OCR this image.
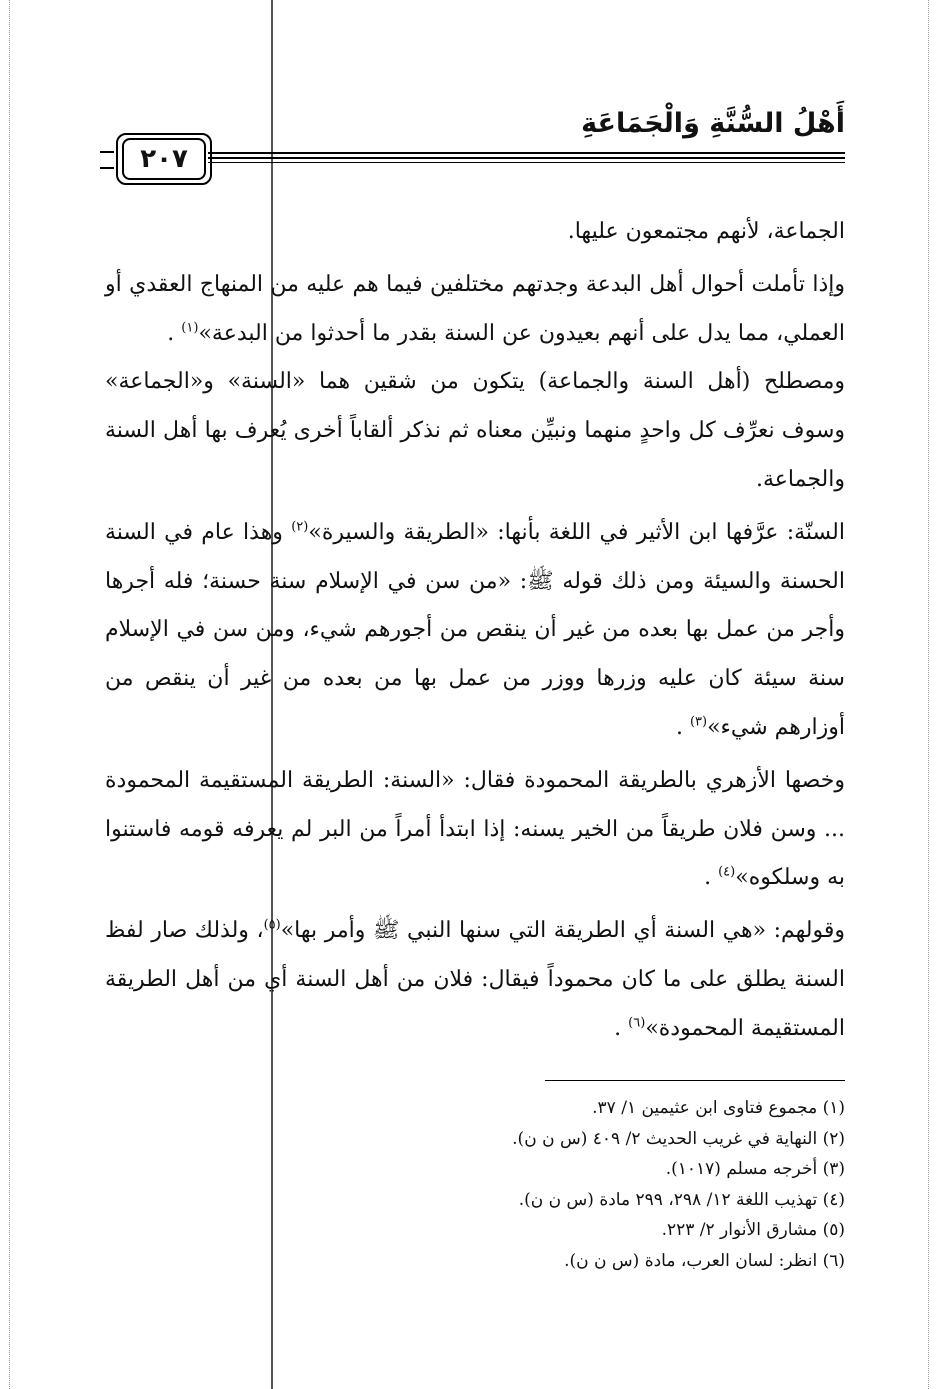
أَهْلُ السُّنَّةِ وَالْجَمَاعَةِ
٢٠٧

الجماعة، لأنهم مجتمعون عليها.

وإذا تأملت أحوال أهل البدعة وجدتهم مختلفين فيما هم عليه من المنهاج العقدي أو العملي، مما يدل على أنهم بعيدون عن السنة بقدر ما أحدثوا من البدعة»$^{(١)}$ .

ومصطلح (أهل السنة والجماعة) يتكون من شقين هما «السنة» و«الجماعة» وسوف نعرِّف كل واحدٍ منهما ونبيِّن معناه ثم نذكر ألقاباً أخرى يُعرف بها أهل السنة والجماعة.

السنّة: عرَّفها ابن الأثير في اللغة بأنها: «الطريقة والسيرة»$^{(٢)}$ وهذا عام في السنة الحسنة والسيئة ومن ذلك قوله ﷺ: «من سن في الإسلام سنة حسنة؛ فله أجرها وأجر من عمل بها بعده من غير أن ينقص من أجورهم شيء، ومن سن في الإسلام سنة سيئة كان عليه وزرها ووزر من عمل بها من بعده من غير أن ينقص من أوزارهم شيء»$^{(٣)}$ .

وخصها الأزهري بالطريقة المحمودة فقال: «السنة: الطريقة المستقيمة المحمودة ... وسن فلان طريقاً من الخير يسنه: إذا ابتدأ أمراً من البر لم يعرفه قومه فاستنوا به وسلكوه»$^{(٤)}$ .

وقولهم: «هي السنة أي الطريقة التي سنها النبي ﷺ وأمر بها»$^{(٥)}$، ولذلك صار لفظ السنة يطلق على ما كان محموداً فيقال: فلان من أهل السنة أي من أهل الطريقة المستقيمة المحمودة»$^{(٦)}$ .

(١) مجموع فتاوى ابن عثيمين ١/ ٣٧.

(٢) النهاية في غريب الحديث ٢/ ٤٠٩ (س ن ن).

(٣) أخرجه مسلم (١٠١٧).

(٤) تهذيب اللغة ١٢/ ٢٩٨، ٢٩٩ مادة (س ن ن).

(٥) مشارق الأنوار ٢/ ٢٢٣.

(٦) انظر: لسان العرب، مادة (س ن ن).
